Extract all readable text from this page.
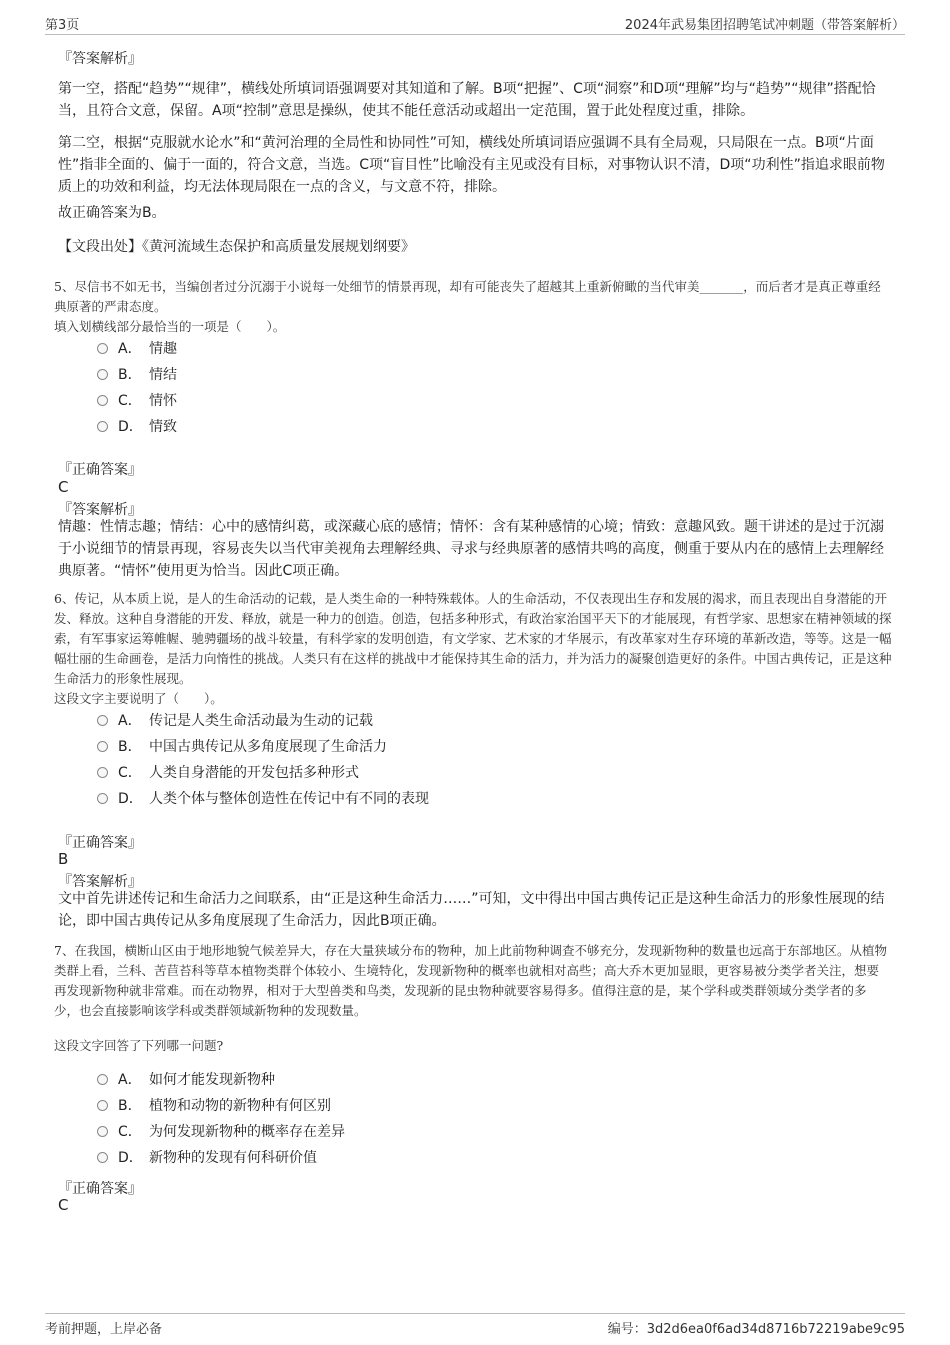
第3页	2024年武易集团招聘笔试冲刺题（带答案解析）
『答案解析』
第一空，搭配“趋势”“规律”，横线处所填词语强调要对其知道和了解。B项“把握”、C项“洞察”和D项“理解”均与“趋势”“规律”搭配恰当，且符合文意，保留。A项“控制”意思是操纵，使其不能任意活动或超出一定范围，置于此处程度过重，排除。
第二空，根据“克服就水论水”和“黄河治理的全局性和协同性”可知，横线处所填词语应强调不具有全局观，只局限在一点。B项“片面性”指非全面的、偏于一面的，符合文意，当选。C项“盲目性”比喻没有主见或没有目标，对事物认识不清，D项“功利性”指追求眼前物质上的功效和利益，均无法体现局限在一点的含义，与文意不符，排除。
故正确答案为B。
【文段出处】《黄河流域生态保护和高质量发展规划纲要》
5、尽信书不如无书，当编创者过分沉溺于小说每一处细节的情景再现，却有可能丧失了超越其上重新俯瞰的当代审美_______，而后者才是真正尊重经典原著的严肃态度。
填入划横线部分最恰当的一项是（　　）。
A． 情趣
B． 情结
C． 情怀
D． 情致
『正确答案』
C
『答案解析』
情趣：性情志趣；情结：心中的感情纠葛，或深藏心底的感情；情怀：含有某种感情的心境；情致：意趣风致。题干讲述的是过于沉溺于小说细节的情景再现，容易丧失以当代审美视角去理解经典、寻求与经典原著的感情共鸣的高度，侧重于要从内在的感情上去理解经典原著。“情怀”使用更为恰当。因此C项正确。
6、传记，从本质上说，是人的生命活动的记载，是人类生命的一种特殊载体。人的生命活动，不仅表现出生存和发展的渴求，而且表现出自身潜能的开发、释放。这种自身潜能的开发、释放，就是一种力的创造。创造，包括多种形式，有政治家治国平天下的才能展现，有哲学家、思想家在精神领域的探索，有军事家运筹帷幄、驰骋疆场的战斗较量，有科学家的发明创造，有文学家、艺术家的才华展示，有改革家对生存环境的革新改造，等等。这是一幅幅壮丽的生命画卷，是活力向惰性的挑战。人类只有在这样的挑战中才能保持其生命的活力，并为活力的凝聚创造更好的条件。中国古典传记，正是这种生命活力的形象性展现。
这段文字主要说明了（　　）。
A． 传记是人类生命活动最为生动的记载
B． 中国古典传记从多角度展现了生命活力
C． 人类自身潜能的开发包括多种形式
D． 人类个体与整体创造性在传记中有不同的表现
『正确答案』
B
『答案解析』
文中首先讲述传记和生命活力之间联系，由“正是这种生命活力……”可知，文中得出中国古典传记正是这种生命活力的形象性展现的结论，即中国古典传记从多角度展现了生命活力，因此B项正确。
7、在我国，横断山区由于地形地貌气候差异大，存在大量狭域分布的物种，加上此前物种调查不够充分，发现新物种的数量也远高于东部地区。从植物类群上看，兰科、苦苣苔科等草本植物类群个体较小、生境特化，发现新物种的概率也就相对高些；高大乔木更加显眼，更容易被分类学者关注，想要再发现新物种就非常难。而在动物界，相对于大型兽类和鸟类，发现新的昆虫物种就要容易得多。值得注意的是，某个学科或类群领域分类学者的多少，也会直接影响该学科或类群领域新物种的发现数量。
这段文字回答了下列哪一问题?
A． 如何才能发现新物种
B． 植物和动物的新物种有何区别
C． 为何发现新物种的概率存在差异
D． 新物种的发现有何科研价值
『正确答案』
C
考前押题，上岸必备	编号：3d2d6ea0f6ad34d8716b72219abe9c95
